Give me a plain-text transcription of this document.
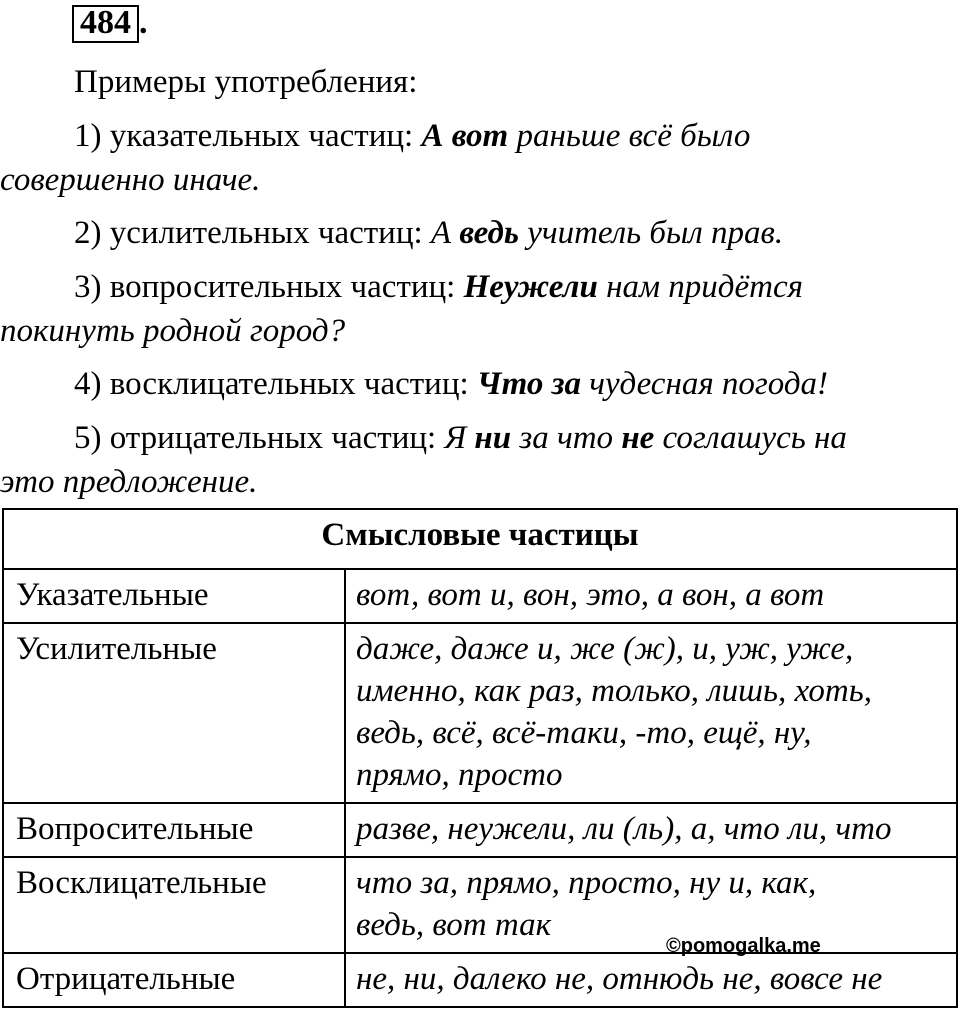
484 .
Примеры употребления:
1) указательных частиц: А вот раньше всё было
совершенно иначе.
2) усилительных частиц: А ведь учитель был прав.
3) вопросительных частиц: Неужели нам придётся
покинуть родной город?
4) восклицательных частиц: Что за чудесная погода!
5) отрицательных частиц: Я ни за что не соглашусь на
это предложение.
Смысловые частицы	
Указательные	вот, вот и, вон, это, а вон, а вот

Усилительные	даже, даже и, же (ж), и, уж, уже,
именно, как раз, только, лишь, хоть,
ведь, всё, всё-таки, -то, ещё, ну,
прямо, просто

Вопросительные	разве, неужели, ли (ль), а, что ли, что

Восклицательные	что за, прямо, просто, ну и, как,
ведь, вот так

Отрицательные	не, ни, далеко не, отнюдь не, вовсе не
©pomogalka.me
